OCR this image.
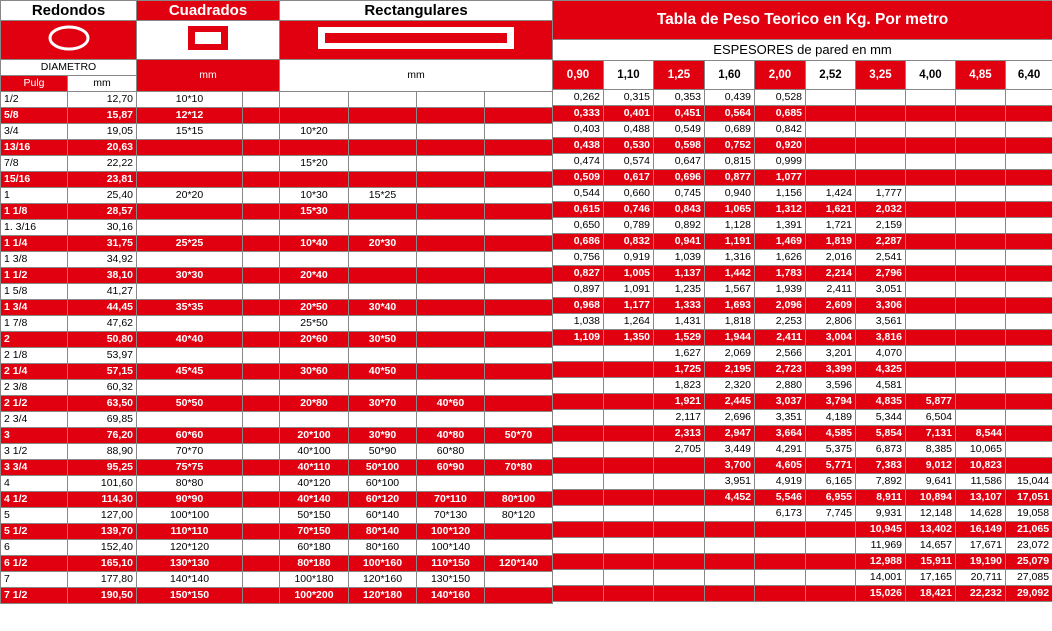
Redondos		Cuadrados		Rectangulares			

DIAMETRO		mm		mm			
Pulg	mm						
1/2	12,70	10*10					
5/8	15,87	12*12					
3/4	19,05	15*15		10*20			
13/16	20,63						
7/8	22,22			15*20			
15/16	23,81						
1	25,40	20*20		10*30	15*25		
1 1/8	28,57			15*30			
1. 3/16	30,16						
1 1/4	31,75	25*25		10*40	20*30		
1 3/8	34,92						
1 1/2	38,10	30*30		20*40			
1 5/8	41,27						
1 3/4	44,45	35*35		20*50	30*40		
1 7/8	47,62			25*50			
2	50,80	40*40		20*60	30*50		
2 1/8	53,97						
2 1/4	57,15	45*45		30*60	40*50		
2 3/8	60,32						
2 1/2	63,50	50*50		20*80	30*70	40*60	
2 3/4	69,85						
3	76,20	60*60		20*100	30*90	40*80	50*70
3 1/2	88,90	70*70		40*100	50*90	60*80	
3 3/4	95,25	75*75		40*110	50*100	60*90	70*80
4	101,60	80*80		40*120	60*100		
4 1/2	114,30	90*90		40*140	60*120	70*110	80*100
5	127,00	100*100		50*150	60*140	70*130	80*120
5 1/2	139,70	110*110		70*150	80*140	100*120	
6	152,40	120*120		60*180	80*160	100*140	
6 1/2	165,10	130*130		80*180	100*160	110*150	120*140
7	177,80	140*140		100*180	120*160	130*150	
7 1/2	190,50	150*150		100*200	120*180	140*160	
Tabla de Peso Teorico en Kg. Por metro									
ESPESORES de pared en mm									
0,90	1,10	1,25	1,60	2,00	2,52	3,25	4,00	4,85	6,40
0,262	0,315	0,353	0,439	0,528					
0,333	0,401	0,451	0,564	0,685					
0,403	0,488	0,549	0,689	0,842					
0,438	0,530	0,598	0,752	0,920					
0,474	0,574	0,647	0,815	0,999					
0,509	0,617	0,696	0,877	1,077					
0,544	0,660	0,745	0,940	1,156	1,424	1,777			
0,615	0,746	0,843	1,065	1,312	1,621	2,032			
0,650	0,789	0,892	1,128	1,391	1,721	2,159			
0,686	0,832	0,941	1,191	1,469	1,819	2,287			
0,756	0,919	1,039	1,316	1,626	2,016	2,541			
0,827	1,005	1,137	1,442	1,783	2,214	2,796			
0,897	1,091	1,235	1,567	1,939	2,411	3,051			
0,968	1,177	1,333	1,693	2,096	2,609	3,306			
1,038	1,264	1,431	1,818	2,253	2,806	3,561			
1,109	1,350	1,529	1,944	2,411	3,004	3,816			
		1,627	2,069	2,566	3,201	4,070			
		1,725	2,195	2,723	3,399	4,325			
		1,823	2,320	2,880	3,596	4,581			
		1,921	2,445	3,037	3,794	4,835	5,877		
		2,117	2,696	3,351	4,189	5,344	6,504		
		2,313	2,947	3,664	4,585	5,854	7,131	8,544	
		2,705	3,449	4,291	5,375	6,873	8,385	10,065	
			3,700	4,605	5,771	7,383	9,012	10,823	
			3,951	4,919	6,165	7,892	9,641	11,586	15,044
			4,452	5,546	6,955	8,911	10,894	13,107	17,051
				6,173	7,745	9,931	12,148	14,628	19,058
						10,945	13,402	16,149	21,065
						11,969	14,657	17,671	23,072
						12,988	15,911	19,190	25,079
						14,001	17,165	20,711	27,085
						15,026	18,421	22,232	29,092
